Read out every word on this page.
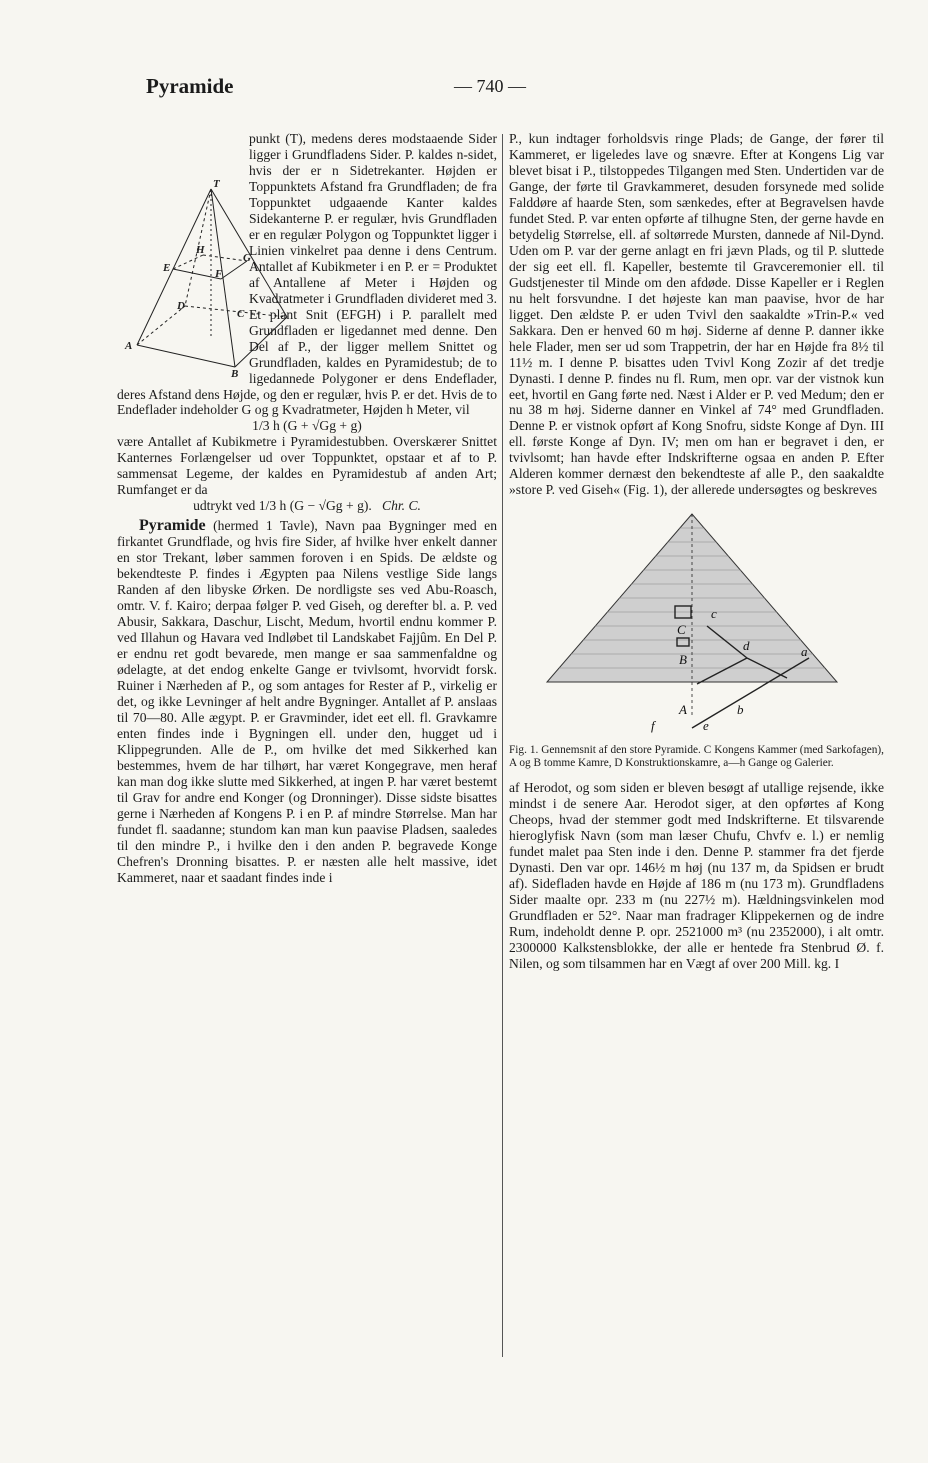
Pyramide	— 740 —
T
H
G
E	F
D
C
A
B

punkt (T), medens deres modstaaende Sider ligger i Grundfladens Sider. P. kaldes n-sidet, hvis der er n Sidetrekanter. Højden er Toppunktets Afstand fra Grundfladen; de fra Toppunktet udgaaende Kanter kaldes Sidekanterne P. er regulær, hvis Grundfladen er en regulær Polygon og Toppunktet ligger i Linien vinkelret paa denne i dens Centrum. Antallet af Kubikmeter i en P. er = Produktet af Antallene af Meter i Højden og Kvadratmeter i Grundfladen divideret med 3. Et plant Snit (EFGH) i P. parallelt med Grundfladen er ligedannet med denne. Den Del af P., der ligger mellem Snittet og Grundfladen, kaldes en Pyramidestub; de to ligedannede Polygoner er dens Endeflader, deres Afstand dens Højde, og den er regulær, hvis P. er det. Hvis de to Endeflader indeholder G og g Kvadratmeter, Højden h Meter, vil

1/3 h (G + √Gg + g)

være Antallet af Kubikmetre i Pyramidestubben. Overskærer Snittet Kanternes Forlængelser ud over Toppunktet, opstaar et af to P. sammensat Legeme, der kaldes en Pyramidestub af anden Art; Rumfanget er da

udtrykt ved 1/3 h (G − √Gg + g). Chr. C.

Pyramide (hermed 1 Tavle), Navn paa Bygninger med en firkantet Grundflade, og hvis fire Sider, af hvilke hver enkelt danner en stor Trekant, løber sammen foroven i en Spids. De ældste og bekendteste P. findes i Ægypten paa Nilens vestlige Side langs Randen af den libyske Ørken. De nordligste ses ved Abu-Roasch, omtr. V. f. Kairo; derpaa følger P. ved Giseh, og derefter bl. a. P. ved Abusir, Sakkara, Daschur, Lischt, Medum, hvortil endnu kommer P. ved Illahun og Havara ved Indløbet til Landskabet Fajjûm. En Del P. er endnu ret godt bevarede, men mange er saa sammenfaldne og ødelagte, at det endog enkelte Gange er tvivlsomt, hvorvidt forsk. Ruiner i Nærheden af P., og som antages for Rester af P., virkelig er det, og ikke Levninger af helt andre Bygninger. Antallet af P. anslaas til 70—80. Alle ægypt. P. er Gravminder, idet eet ell. fl. Gravkamre enten findes inde i Bygningen ell. under den, hugget ud i Klippegrunden. Alle de P., om hvilke det med Sikkerhed kan bestemmes, hvem de har tilhørt, har været Kongegrave, men heraf kan man dog ikke slutte med Sikkerhed, at ingen P. har været bestemt til Grav for andre end Konger (og Dronninger). Disse sidste bisattes gerne i Nærheden af Kongens P. i en P. af mindre Størrelse. Man har fundet fl. saadanne; stundom kan man kun paavise Pladsen, saaledes til den mindre P., i hvilke den i den anden P. begravede Konge Chefren's Dronning bisattes. P. er næsten alle helt massive, idet Kammeret, naar et saadant findes inde i

P., kun indtager forholdsvis ringe Plads; de Gange, der fører til Kammeret, er ligeledes lave og snævre. Efter at Kongens Lig var blevet bisat i P., tilstoppedes Tilgangen med Sten. Undertiden var de Gange, der førte til Gravkammeret, desuden forsynede med solide Falddøre af haarde Sten, som sænkedes, efter at Begravelsen havde fundet Sted. P. var enten opførte af tilhugne Sten, der gerne havde en betydelig Størrelse, ell. af soltørrede Mursten, dannede af Nil-Dynd. Uden om P. var der gerne anlagt en fri jævn Plads, og til P. sluttede der sig eet ell. fl. Kapeller, bestemte til Gravceremonier ell. til Gudstjenester til Minde om den afdøde. Disse Kapeller er i Reglen nu helt forsvundne. I det højeste kan man paavise, hvor de har ligget. Den ældste P. er uden Tvivl den saakaldte »Trin-P.« ved Sakkara. Den er henved 60 m høj. Siderne af denne P. danner ikke hele Flader, men ser ud som Trappetrin, der har en Højde fra 8½ til 11½ m. I denne P. bisattes uden Tvivl Kong Zozir af det tredje Dynasti. I denne P. findes nu fl. Rum, men opr. var der vistnok kun eet, hvortil en Gang førte ned. Næst i Alder er P. ved Medum; den er nu 38 m høj. Siderne danner en Vinkel af 74° med Grundfladen. Denne P. er vistnok opført af Kong Snofru, sidste Konge af Dyn. III ell. første Konge af Dyn. IV; men om han er begravet i den, er tvivlsomt; han havde efter Indskrifterne ogsaa en anden P. Efter Alderen kommer dernæst den bekendteste af alle P., den saakaldte »store P. ved Giseh« (Fig. 1), der allerede undersøgtes og beskreves

C
A
B
a
b
c
d
e
f

Fig. 1. Gennemsnit af den store Pyramide. C Kongens Kammer (med Sarkofagen), A og B tomme Kamre, D Konstruktionskamre, a—h Gange og Galerier.

af Herodot, og som siden er bleven besøgt af utallige rejsende, ikke mindst i de senere Aar. Herodot siger, at den opførtes af Kong Cheops, hvad der stemmer godt med Indskrifterne. Et tilsvarende hieroglyfisk Navn (som man læser Chufu, Chvfv e. l.) er nemlig fundet malet paa Sten inde i den. Denne P. stammer fra det fjerde Dynasti. Den var opr. 146½ m høj (nu 137 m, da Spidsen er brudt af). Sidefladen havde en Højde af 186 m (nu 173 m). Grundfladens Sider maalte opr. 233 m (nu 227½ m). Hældningsvinkelen mod Grundfladen er 52°. Naar man fradrager Klippekernen og de indre Rum, indeholdt denne P. opr. 2521000 m³ (nu 2352000), i alt omtr. 2300000 Kalkstensblokke, der alle er hentede fra Stenbrud Ø. f. Nilen, og som tilsammen har en Vægt af over 200 Mill. kg. I
